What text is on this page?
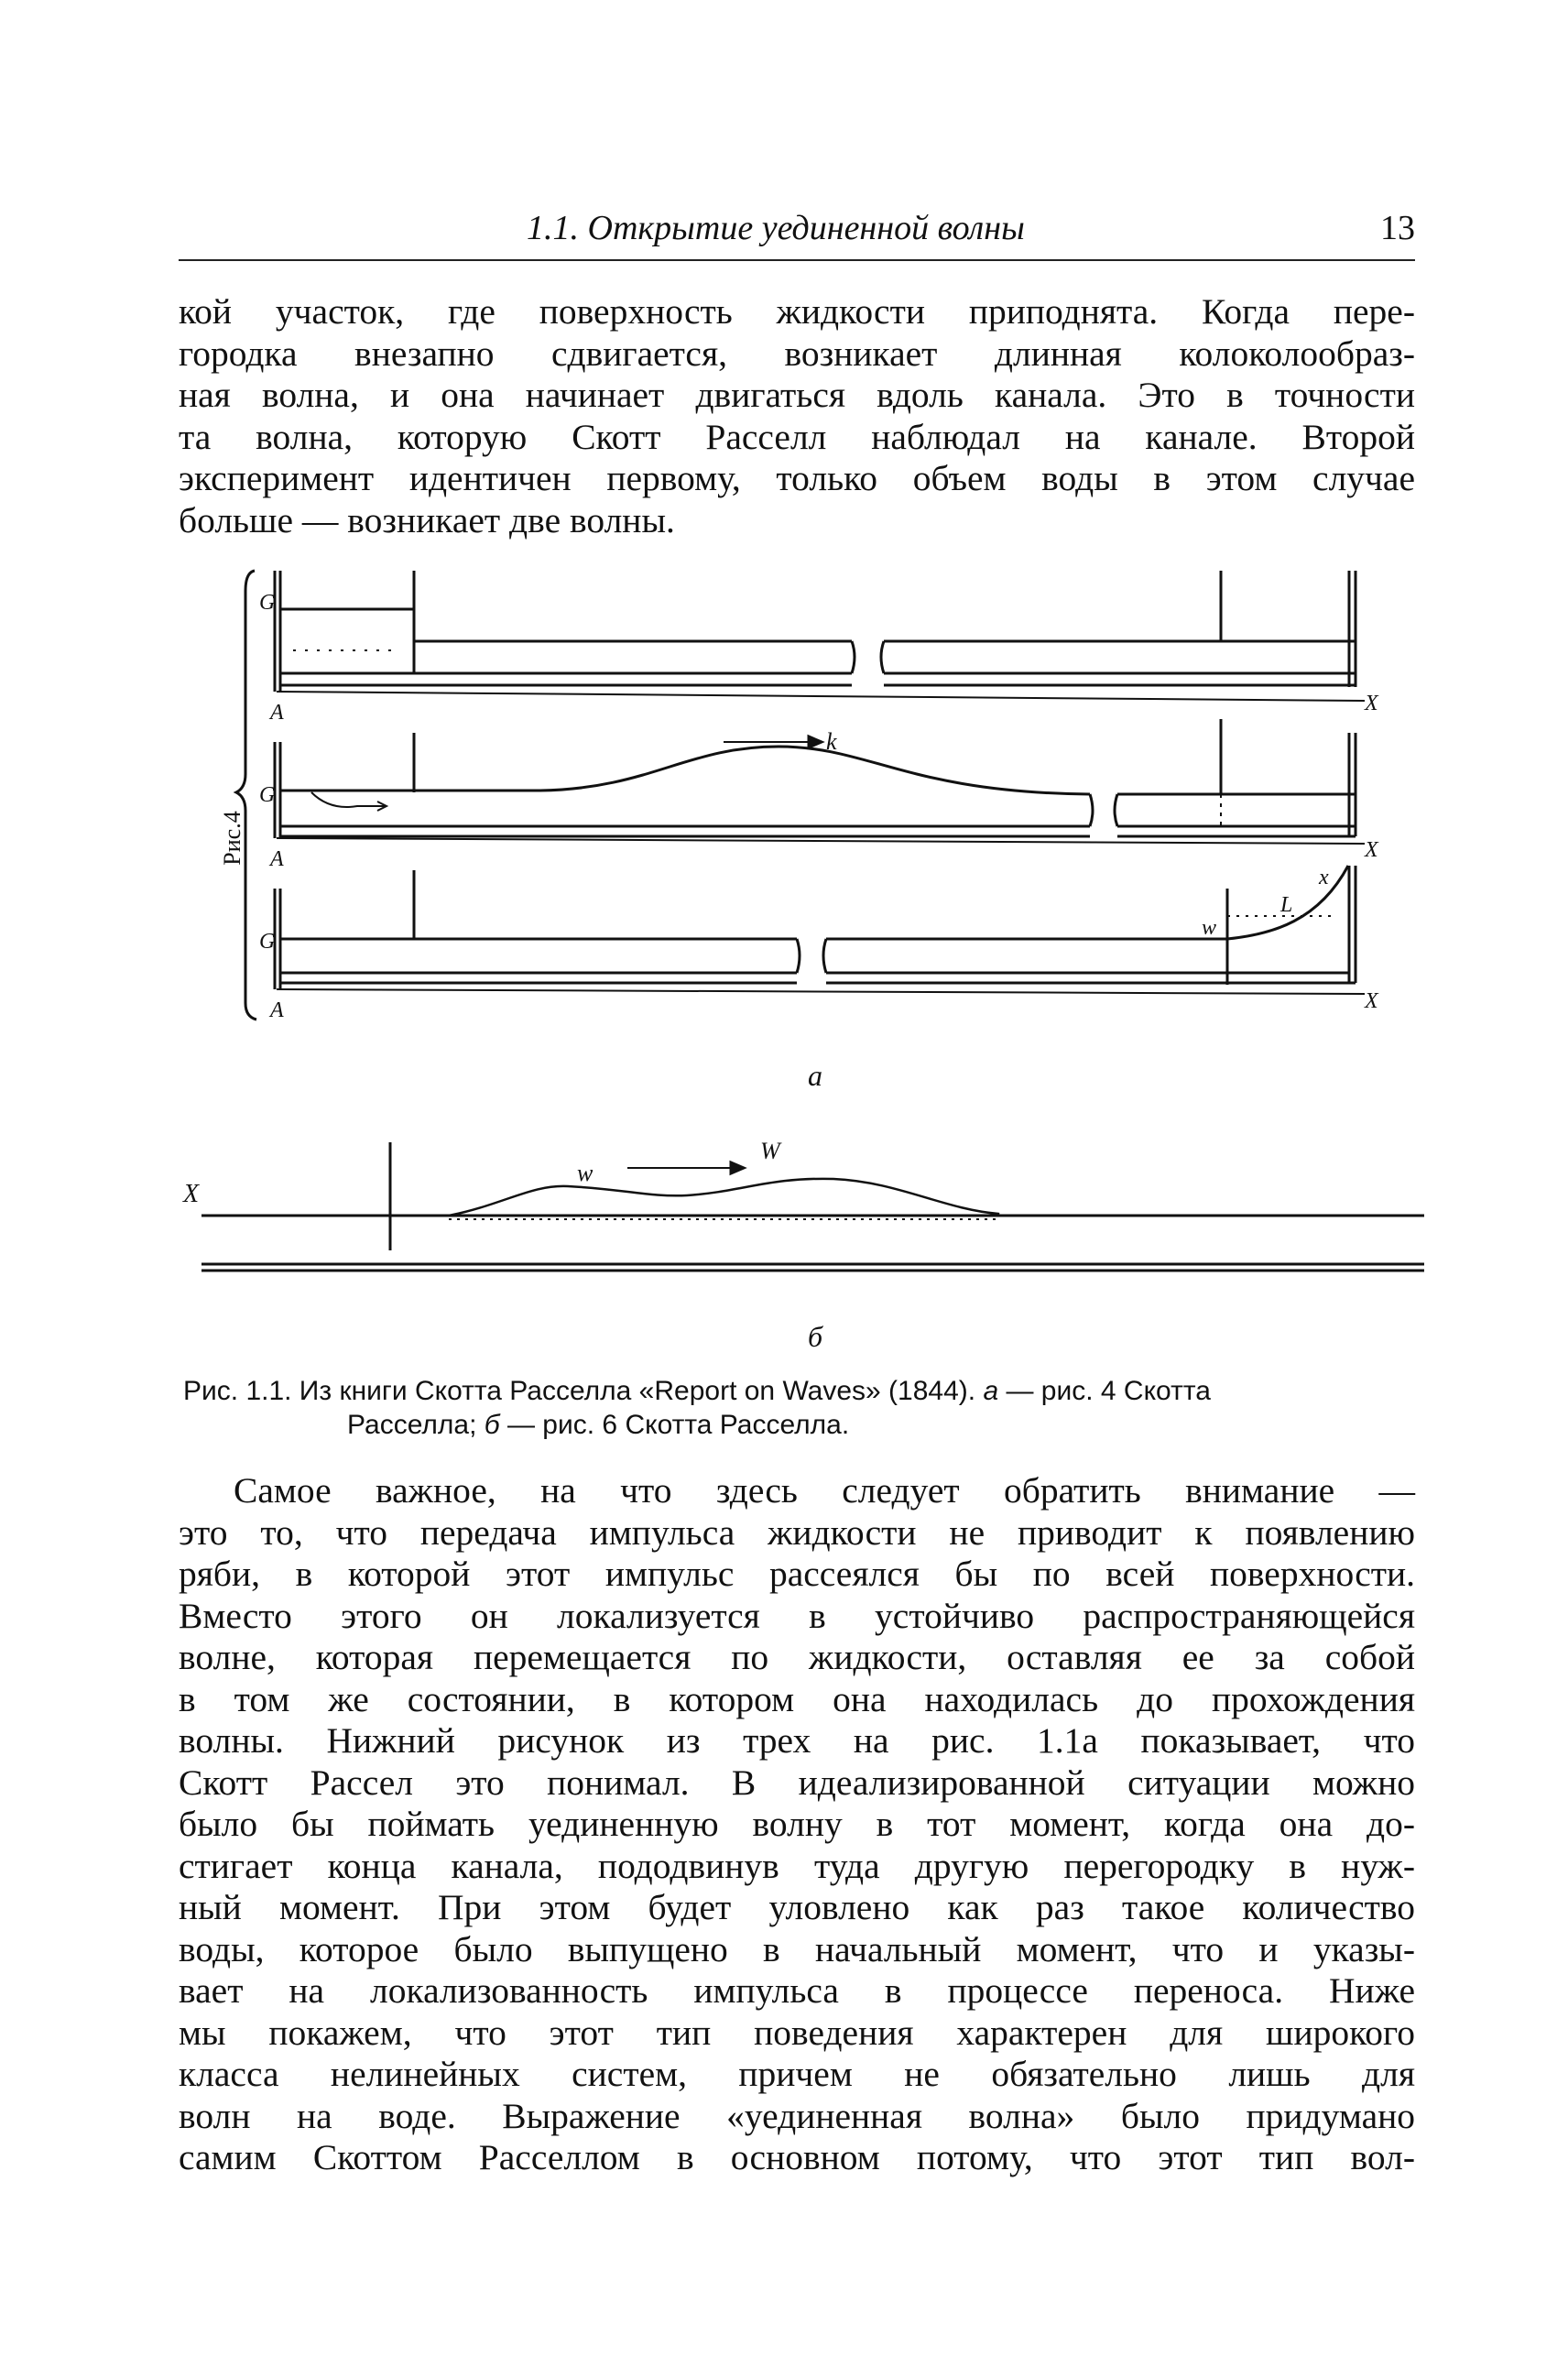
1.1. Открытие уединенной волны	13
кой участок, где поверхность жидкости приподнята. Когда пере-
городка внезапно сдвигается, возникает длинная колоколообраз-
ная волна, и она начинает двигаться вдоль канала. Это в точности
та волна, которую Скотт Расселл наблюдал на канале. Второй
эксперимент идентичен первому, только объем воды в этом случае
больше — возникает две волны.
Рис.4
G
A	X
G
k
A	X
G
w
L
x
A	X
а
X
w
W
б
Рис. 1.1. Из книги Скотта Расселла «Report on Waves» (1844). а — рис. 4 Скотта
Расселла; б — рис. 6 Скотта Расселла.
Самое важное, на что здесь следует обратить внимание —
это то, что передача импульса жидкости не приводит к появлению
ряби, в которой этот импульс рассеялся бы по всей поверхности.
Вместо этого он локализуется в устойчиво распространяющейся
волне, которая перемещается по жидкости, оставляя ее за собой
в том же состоянии, в котором она находилась до прохождения
волны. Нижний рисунок из трех на рис. 1.1а показывает, что
Скотт Рассел это понимал. В идеализированной ситуации можно
было бы поймать уединенную волну в тот момент, когда она до-
стигает конца канала, пододвинув туда другую перегородку в нуж-
ный момент. При этом будет уловлено как раз такое количество
воды, которое было выпущено в начальный момент, что и указы-
вает на локализованность импульса в процессе переноса. Ниже
мы покажем, что этот тип поведения характерен для широкого
класса нелинейных систем, причем не обязательно лишь для
волн на воде. Выражение «уединенная волна» было придумано
самим Скоттом Расселлом в основном потому, что этот тип вол-
